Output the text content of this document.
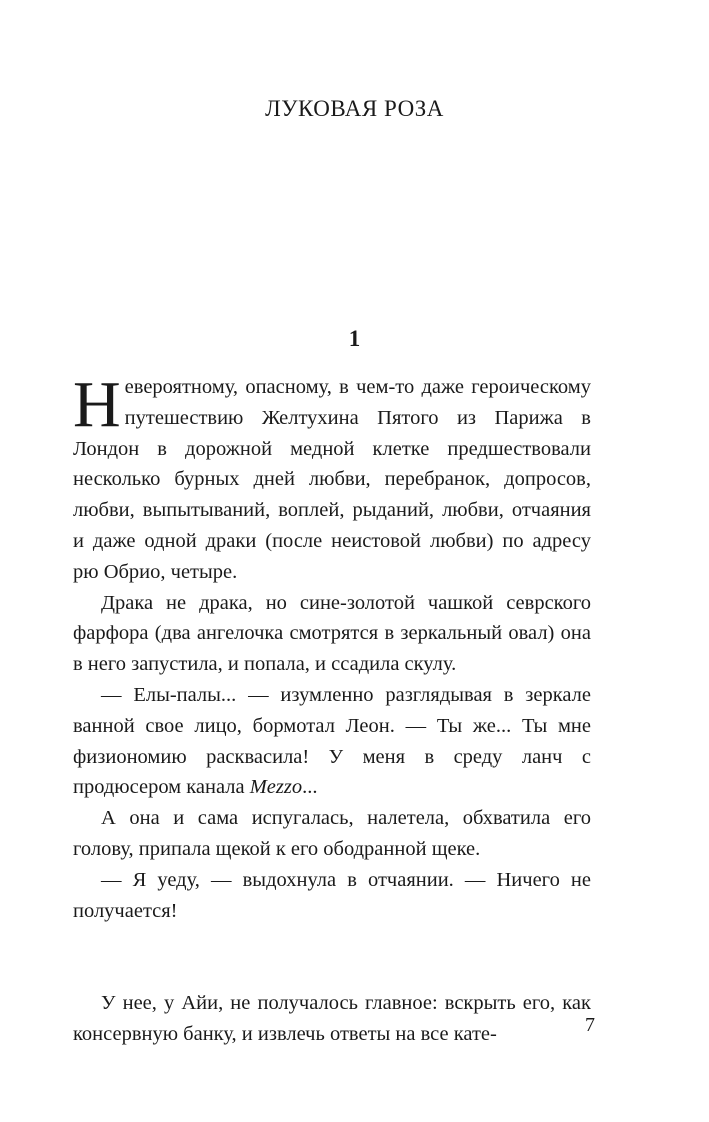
ЛУКОВАЯ РОЗА
1

Невероятному, опасному, в чем-то даже героическому путешествию Желтухина Пятого из Парижа в Лондон в дорожной медной клетке предшествовали несколько бурных дней любви, перебранок, допросов, любви, выпытываний, воплей, рыданий, любви, отчаяния и даже одной драки (после неистовой любви) по адресу рю Обрио, четыре.

Драка не драка, но сине-золотой чашкой севрского фарфора (два ангелочка смотрятся в зеркальный овал) она в него запустила, и попала, и ссадила скулу.

— Елы-палы... — изумленно разглядывая в зеркале ванной свое лицо, бормотал Леон. — Ты же... Ты мне физиономию расквасила! У меня в среду ланч с продюсером канала Mezzo...

А она и сама испугалась, налетела, обхватила его голову, припала щекой к его ободранной щеке.

— Я уеду, — выдохнула в отчаянии. — Ничего не получается!

У нее, у Айи, не получалось главное: вскрыть его, как консервную банку, и извлечь ответы на все кате-	7
